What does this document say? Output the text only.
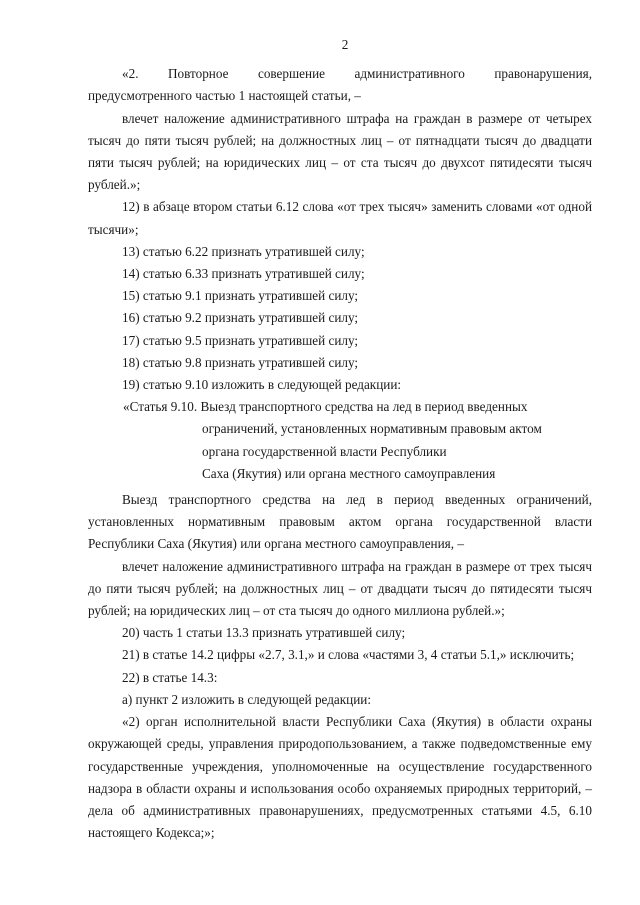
2

«2. Повторное совершение административного правонарушения, предусмотренного частью 1 настоящей статьи, –

влечет наложение административного штрафа на граждан в размере от четырех тысяч до пяти тысяч рублей; на должностных лиц – от пятнадцати тысяч до двадцати пяти тысяч рублей; на юридических лиц – от ста тысяч до двухсот пятидесяти тысяч рублей.»;

12) в абзаце втором статьи 6.12 слова «от трех тысяч» заменить словами «от одной тысячи»;

13) статью 6.22 признать утратившей силу;

14) статью 6.33 признать утратившей силу;

15) статью 9.1 признать утратившей силу;

16) статью 9.2 признать утратившей силу;

17) статью 9.5 признать утратившей силу;

18) статью 9.8 признать утратившей силу;

19) статью 9.10 изложить в следующей редакции:

«Статья 9.10. Выезд транспортного средства на лед в период введенных
ограничений, установленных нормативным правовым актом
органа государственной власти Республики
Саха (Якутия) или органа местного самоуправления

Выезд транспортного средства на лед в период введенных ограничений, установленных нормативным правовым актом органа государственной власти Республики Саха (Якутия) или органа местного самоуправления, –

влечет наложение административного штрафа на граждан в размере от трех тысяч до пяти тысяч рублей; на должностных лиц – от двадцати тысяч до пятидесяти тысяч рублей; на юридических лиц – от ста тысяч до одного миллиона рублей.»;

20) часть 1 статьи 13.3 признать утратившей силу;

21) в статье 14.2 цифры «2.7, 3.1,» и слова «частями 3, 4 статьи 5.1,» исключить;

22) в статье 14.3:

а) пункт 2 изложить в следующей редакции:

«2) орган исполнительной власти Республики Саха (Якутия) в области охраны окружающей среды, управления природопользованием, а также подведомственные ему государственные учреждения, уполномоченные на осуществление государственного надзора в области охраны и использования особо охраняемых природных территорий, – дела об административных правонарушениях, предусмотренных статьями 4.5, 6.10 настоящего Кодекса;»;
